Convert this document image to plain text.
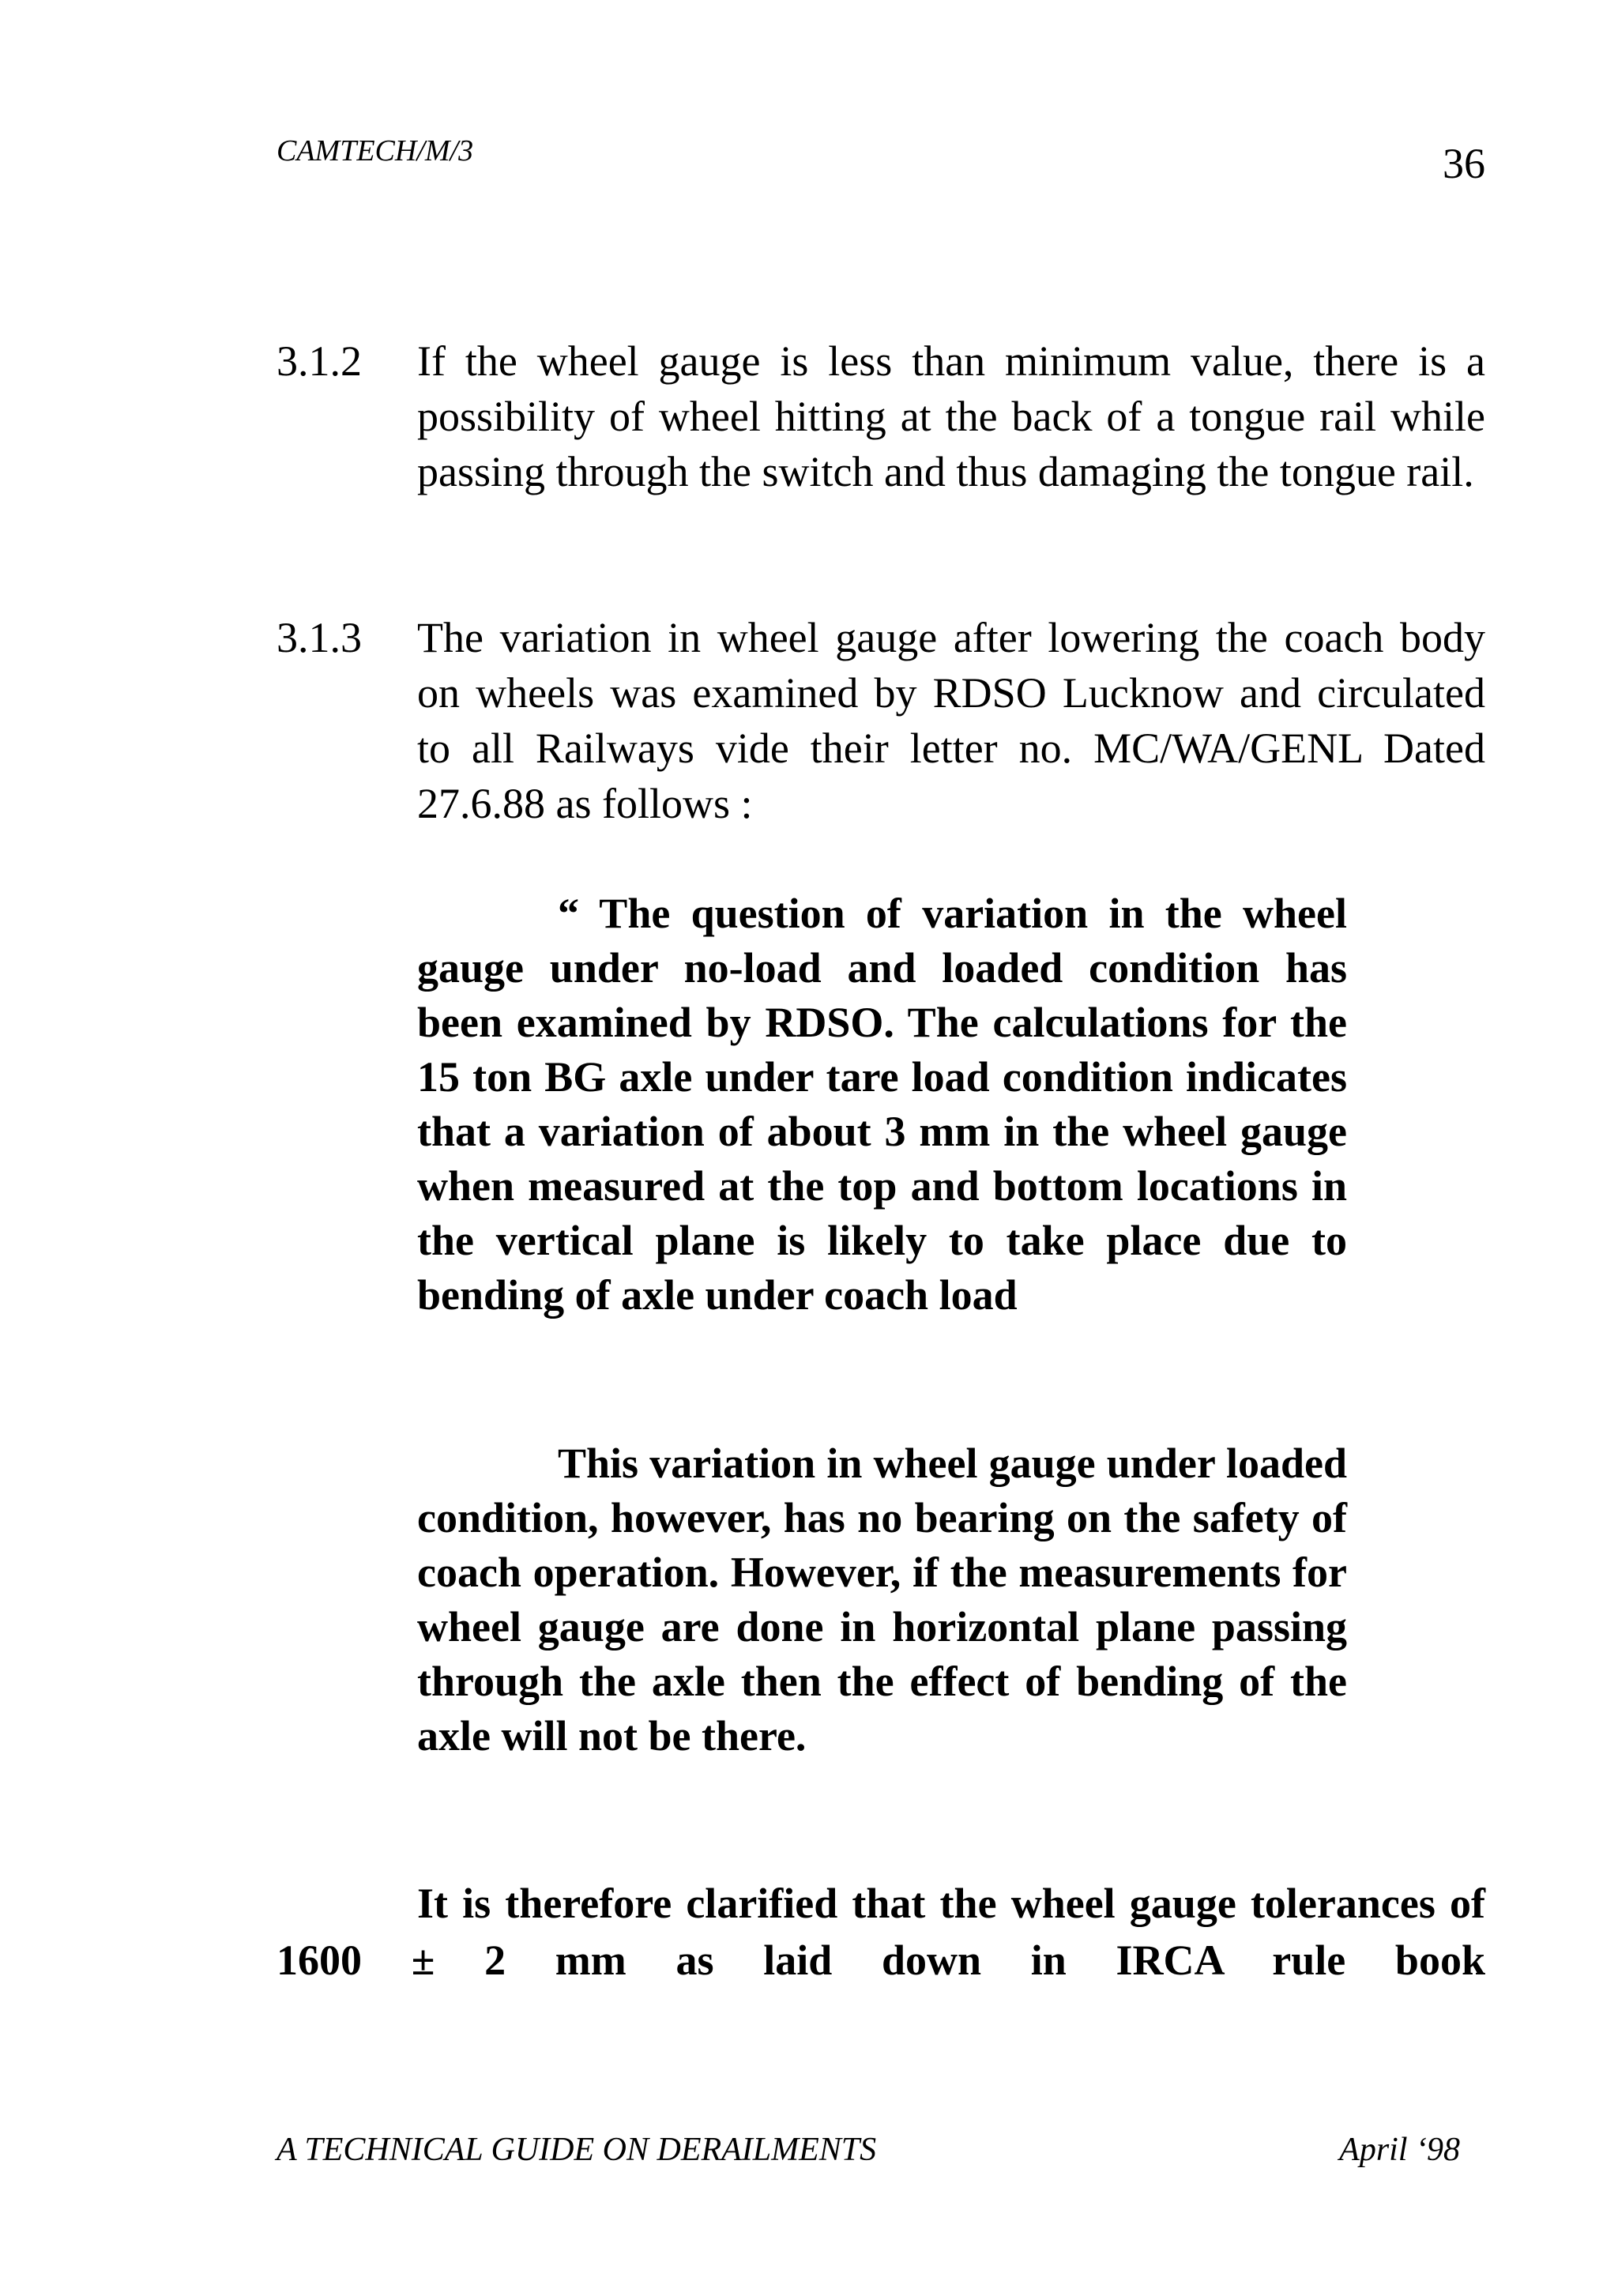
CAMTECH/M/3	36
3.1.2 If the wheel gauge is less than minimum value, there is a possibility of wheel hitting at the back of a tongue rail while passing through the switch and thus damaging the tongue rail.
3.1.3 The variation in wheel gauge after lowering the coach body on wheels was examined by RDSO Lucknow and circulated to all Railways vide their letter no. MC/WA/GENL Dated 27.6.88 as follows :
“ The question of variation in the wheel gauge under no-load and loaded condition has been examined by RDSO. The calculations for the 15 ton BG axle under tare load condition indicates that a variation of about 3 mm in the wheel gauge when measured at the top and bottom locations in the vertical plane is likely to take place due to bending of axle under coach load
This variation in wheel gauge under loaded condition, however, has no bearing on the safety of coach operation. However, if the measurements for wheel gauge are done in horizontal plane passing through the axle then the effect of bending of the axle will not be there.
It is therefore clarified that the wheel gauge tolerances of 1600 ± 2 mm as laid down in IRCA rule book
A TECHNICAL GUIDE ON DERAILMENTS	April ‘98
